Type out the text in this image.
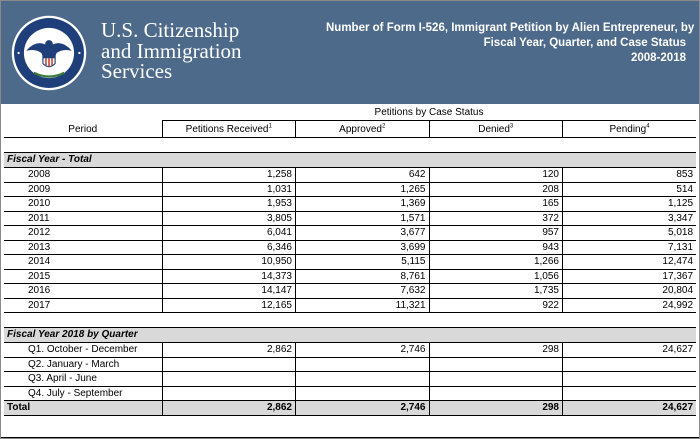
U.S. Citizenship
and Immigration
Services
Number of Form I-526, Immigrant Petition by Alien Entrepreneur, by
Fiscal Year, Quarter, and Case Status
2008-2018
	Petitions by Case Status			
Period	Petitions Received$^1$	Approved$^2$	Denied$^3$	Pending$^4$

Fiscal Year - Total				
2008	1,258	642	120	853
2009	1,031	1,265	208	514
2010	1,953	1,369	165	1,125
2011	3,805	1,571	372	3,347
2012	6,041	3,677	957	5,018
2013	6,346	3,699	943	7,131
2014	10,950	5,115	1,266	12,474
2015	14,373	8,761	1,056	17,367
2016	14,147	7,632	1,735	20,804
2017	12,165	11,321	922	24,992

Fiscal Year 2018 by Quarter				
Q1. October - December	2,862	2,746	298	24,627
Q2. January - March				
Q3. April - June				
Q4. July - September				
Total	2,862	2,746	298	24,627
